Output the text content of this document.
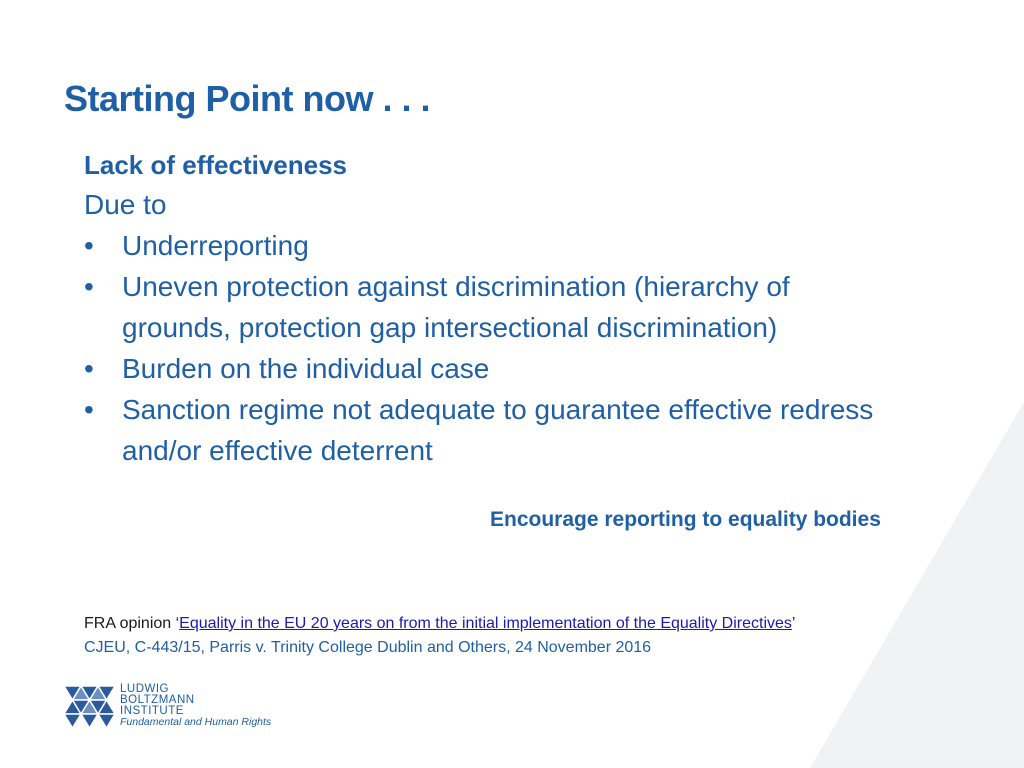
Starting Point now . . .

Lack of effectiveness

Due to

•	Underreporting
•	Uneven protection against discrimination (hierarchy of grounds, protection gap intersectional discrimination)
•	Burden on the individual case
•	Sanction regime not adequate to guarantee effective redress and/or effective deterrent
Encourage reporting to equality bodies
FRA opinion ‘Equality in the EU 20 years on from the initial implementation of the Equality Directives’
CJEU, C-443/15, Parris v. Trinity College Dublin and Others, 24 November 2016
LUDWIG
BOLTZMANN
INSTITUTE
Fundamental and Human Rights
